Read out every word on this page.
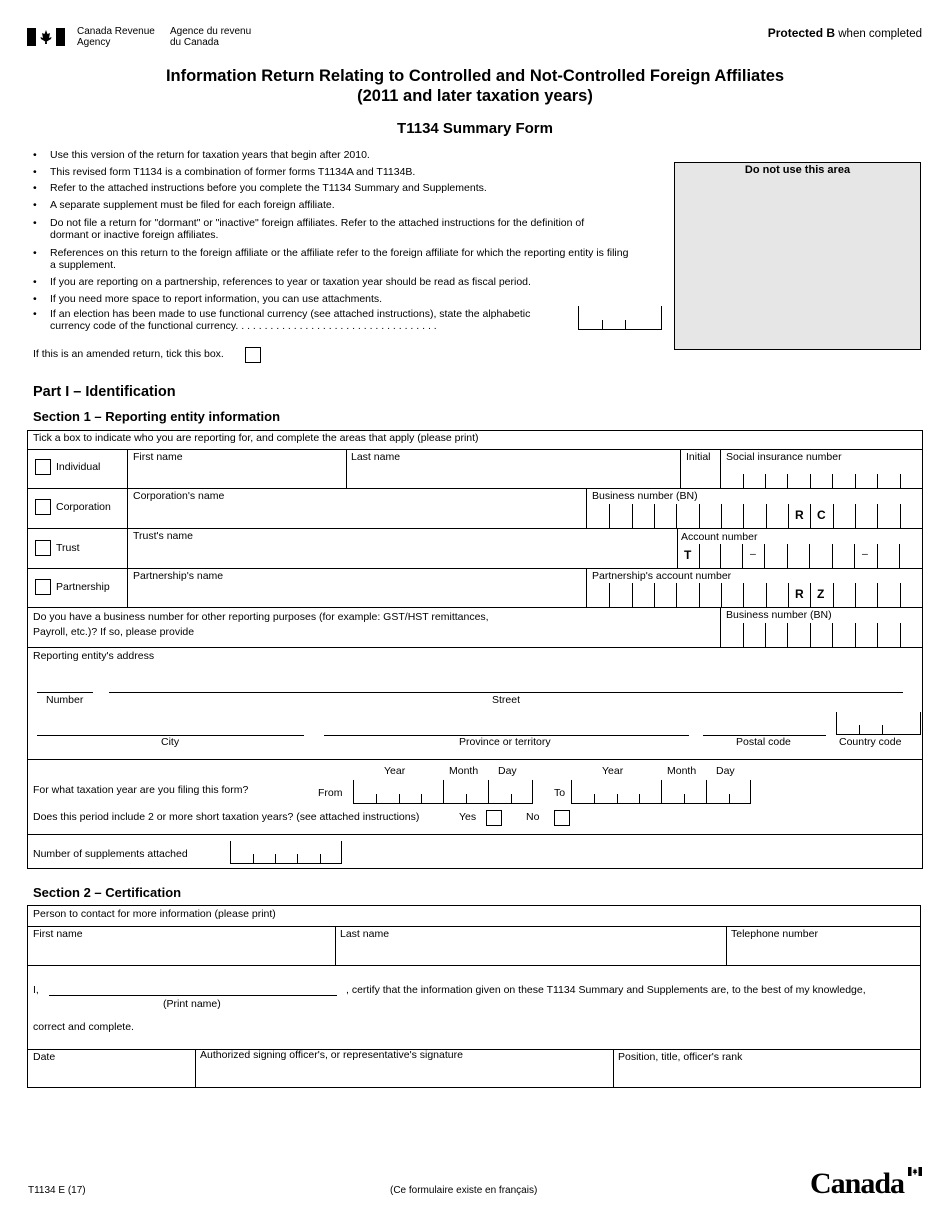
Canada Revenue
Agency
Agence du revenu
du Canada
Protected B when completed
Information Return Relating to Controlled and Not-Controlled Foreign Affiliates
(2011 and later taxation years)
T1134 Summary Form
• Use this version of the return for taxation years that begin after 2010.
• This revised form T1134 is a combination of former forms T1134A and T1134B.
• Refer to the attached instructions before you complete the T1134 Summary and Supplements.
• A separate supplement must be filed for each foreign affiliate.
• Do not file a return for "dormant" or "inactive" foreign affiliates. Refer to the attached instructions for the definition of dormant or inactive foreign affiliates.
• References on this return to the foreign affiliate or the affiliate refer to the foreign affiliate for which the reporting entity is filing a supplement.
• If you are reporting on a partnership, references to year or taxation year should be read as fiscal period.
• If you need more space to report information, you can use attachments.
• If an election has been made to use functional currency (see attached instructions), state the alphabetic currency code of the functional currency. . . . . . . . . . . . . . . . . . . . . . . . . . . . . . . . . . .
Do not use this area
If this is an amended return, tick this box.
Part I – Identification
Section 1 – Reporting entity information
Tick a box to indicate who you are reporting for, and complete the areas that apply (please print)
Individual
First name	Last name	Initial Social insurance number
Corporation
Corporation's name	Business number (BN)
R C
Trust
Trust's name	Account number
T	–	–
Partnership
Partnership's name	Partnership's account number
R Z
Do you have a business number for other reporting purposes (for example: GST/HST remittances,
Payroll, etc.)? If so, please provide
Business number (BN)
Reporting entity's address
Number	Street
City	Province or territory	Postal code	Country code
Year	Month Day	Year	Month Day
For what taxation year are you filing this form?	From	To
Does this period include 2 or more short taxation years? (see attached instructions)	Yes	No
Number of supplements attached
Section 2 – Certification
Person to contact for more information (please print)
First name	Last name	Telephone number
I,	, certify that the information given on these T1134 Summary and Supplements are, to the best of my knowledge,
(Print name)
correct and complete.
Date	Authorized signing officer's, or representative's signature	Position, title, officer's rank
T1134 E (17)	(Ce formulaire existe en français)	Canada
